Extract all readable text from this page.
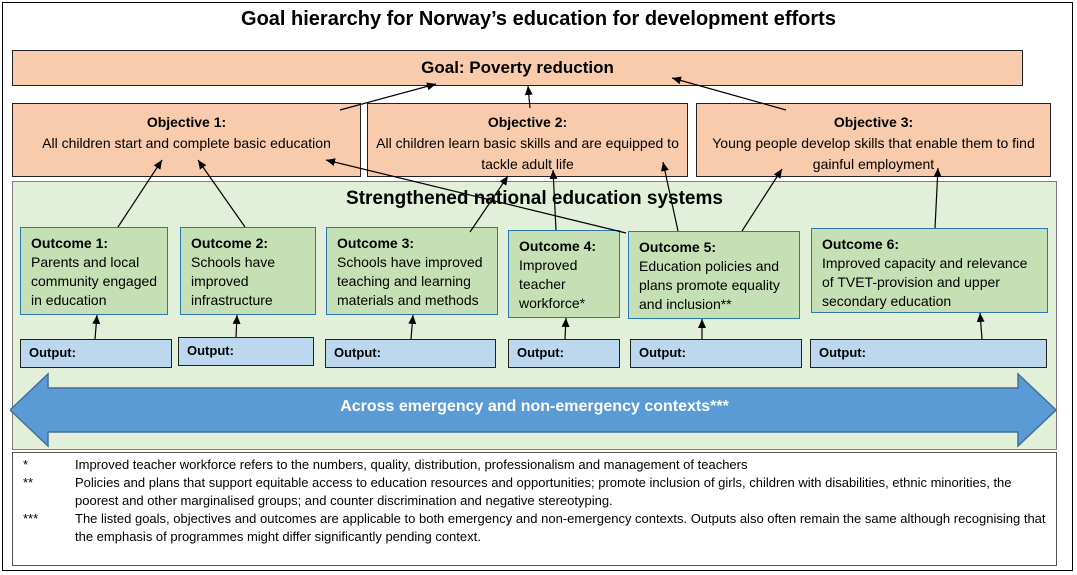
Goal hierarchy for Norway’s education for development efforts
Goal: Poverty reduction
Objective 1:
All children start and complete basic education
Objective 2:
All children learn basic skills and are equipped to tackle adult life
Objective 3:
Young people develop skills that enable them to find gainful employment
Across emergency and non-emergency contexts***
Outcome 1:
Parents and local community engaged in education
Outcome 2:
Schools have improved infrastructure
Outcome 3:
Schools have improved teaching and learning materials and methods
Outcome 4:
Improved teacher workforce*
Outcome 5:
Education policies and plans promote equality and inclusion**
Outcome 6:
Improved capacity and relevance of TVET-provision and upper secondary education
Output:	Output:	Output:	Output:	Output:	Output:
Strengthened national education systems
*	Improved teacher workforce refers to the numbers, quality, distribution, professionalism and management of teachers
**	Policies and plans that support equitable access to education resources and opportunities; promote inclusion of girls, children with disabilities, ethnic minorities, the poorest and other marginalised groups; and counter discrimination and negative stereotyping.
***	The listed goals, objectives and outcomes are applicable to both emergency and non-emergency contexts. Outputs also often remain the same although recognising that the emphasis of programmes might differ significantly pending context.
